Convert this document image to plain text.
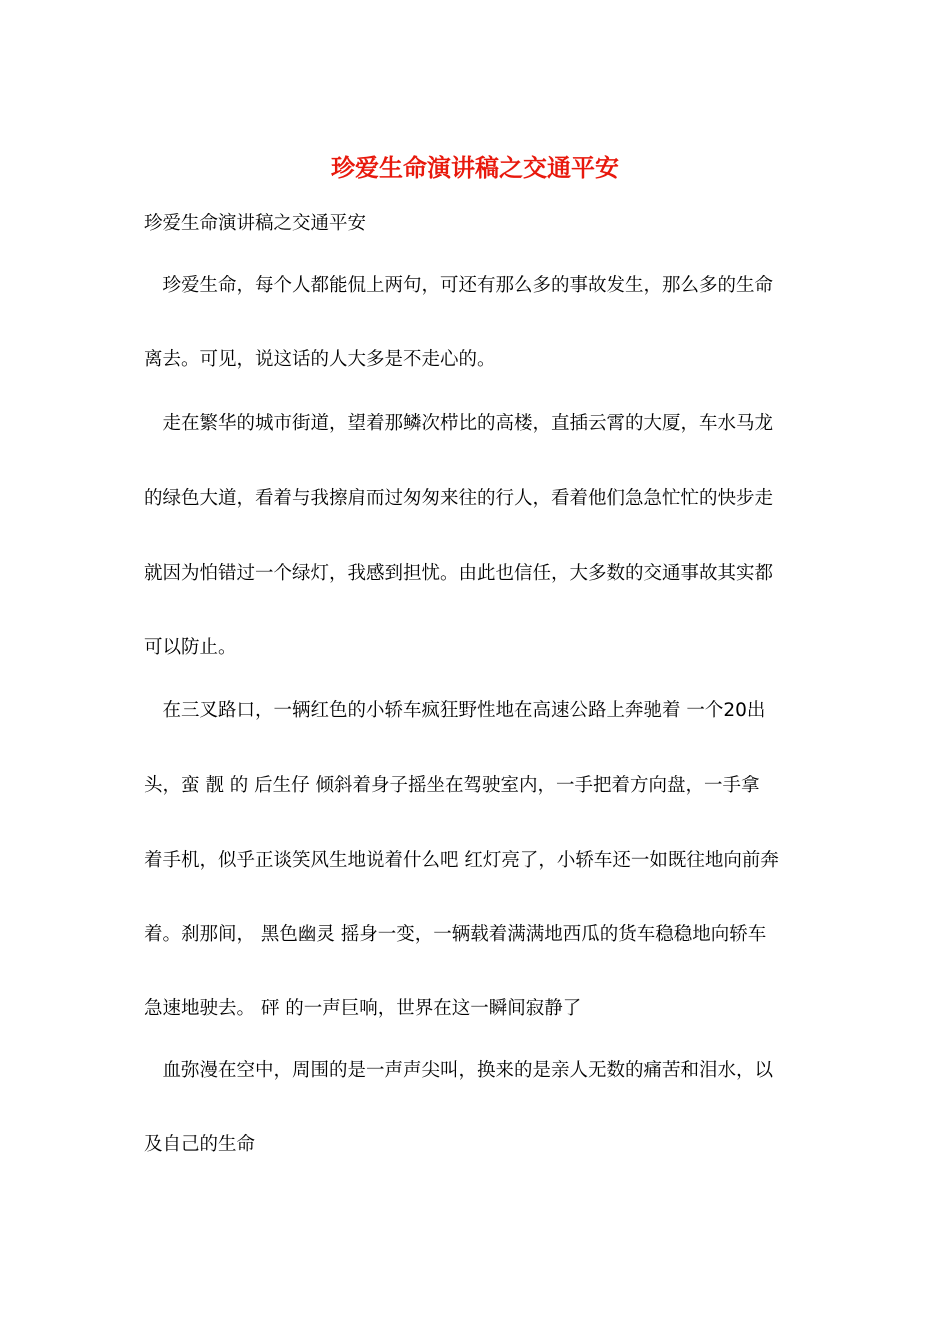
珍爱生命演讲稿之交通平安

珍爱生命演讲稿之交通平安

　珍爱生命，每个人都能侃上两句，可还有那么多的事故发生，那么多的生命

离去。可见，说这话的人大多是不走心的。

　走在繁华的城市街道，望着那鳞次栉比的高楼，直插云霄的大厦，车水马龙

的绿色大道，看着与我擦肩而过匆匆来往的行人，看着他们急急忙忙的快步走

就因为怕错过一个绿灯，我感到担忧。由此也信任，大多数的交通事故其实都

可以防止。

　在三叉路口，一辆红色的小轿车疯狂野性地在高速公路上奔驰着 一个20出

头，蛮 靓 的 后生仔 倾斜着身子摇坐在驾驶室内，一手把着方向盘，一手拿

着手机，似乎正谈笑风生地说着什么吧 红灯亮了，小轿车还一如既往地向前奔

着。刹那间， 黑色幽灵 摇身一变，一辆载着满满地西瓜的货车稳稳地向轿车

急速地驶去。 砰 的一声巨响，世界在这一瞬间寂静了

　血弥漫在空中，周围的是一声声尖叫，换来的是亲人无数的痛苦和泪水，以

及自己的生命
